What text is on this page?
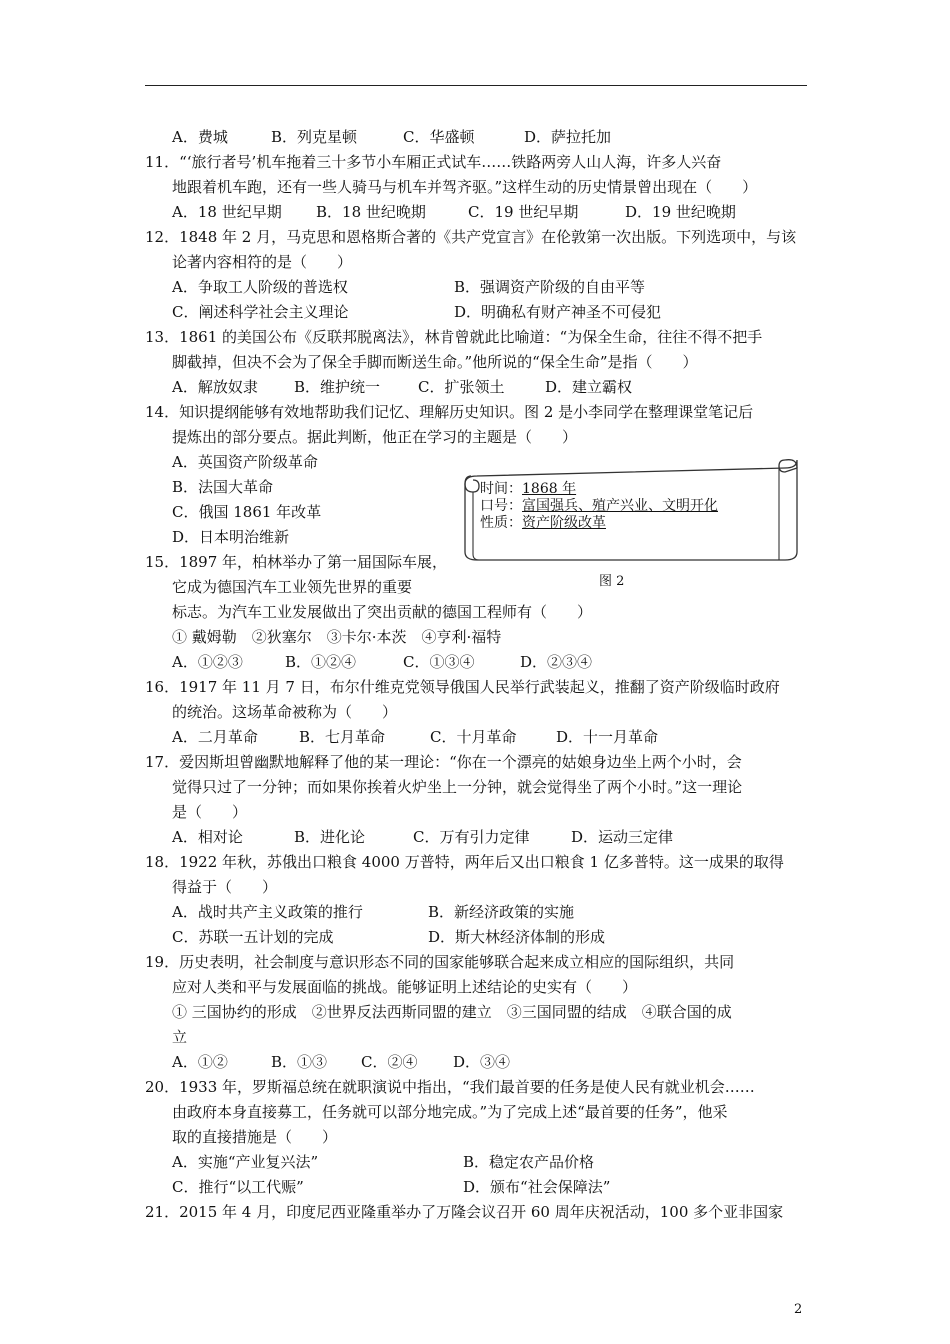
A．费城	B．列克星顿	C．华盛顿	D．萨拉托加
11．“‘旅行者号’机车拖着三十多节小车厢正式试车……铁路两旁人山人海，许多人兴奋
地跟着机车跑，还有一些人骑马与机车并驾齐驱。”这样生动的历史情景曾出现在（　　）
A．18 世纪早期 B．18 世纪晚期	C．19 世纪早期	D．19 世纪晚期
12．1848 年 2 月，马克思和恩格斯合著的《共产党宣言》在伦敦第一次出版。下列选项中，与该
论著内容相符的是（　　）
A．争取工人阶级的普选权	B．强调资产阶级的自由平等
C．阐述科学社会主义理论	D．明确私有财产神圣不可侵犯
13．1861 的美国公布《反联邦脱离法》，林肯曾就此比喻道：“为保全生命，往往不得不把手
脚截掉，但决不会为了保全手脚而断送生命。”他所说的“保全生命”是指（　　）
A．解放奴隶 B．维护统一	C．扩张领土	D．建立霸权
14．知识提纲能够有效地帮助我们记忆、理解历史知识。图 2 是小李同学在整理课堂笔记后
提炼出的部分要点。据此判断，他正在学习的主题是（　　）
A．英国资产阶级革命
B．法国大革命
C．俄国 1861 年改革
D．日本明治维新
时间：1868 年
口号：富国强兵、殖产兴业、文明开化
性质：资产阶级改革
图 2
15．1897 年，柏林举办了第一届国际车展，
它成为德国汽车工业领先世界的重要
标志。为汽车工业发展做出了突出贡献的德国工程师有（　　）
① 戴姆勒　②狄塞尔　③卡尔·本茨　④亨利·福特
A．①②③	B．①②④	C．①③④	D．②③④
16．1917 年 11 月 7 日，布尔什维克党领导俄国人民举行武装起义，推翻了资产阶级临时政府
的统治。这场革命被称为（　　）
A．二月革命	B．七月革命	C．十月革命	D．十一月革命
17．爱因斯坦曾幽默地解释了他的某一理论：“你在一个漂亮的姑娘身边坐上两个小时，会
觉得只过了一分钟；而如果你挨着火炉坐上一分钟，就会觉得坐了两个小时。”这一理论
是（　　）
A．相对论	B．进化论	C．万有引力定律	D．运动三定律
18．1922 年秋，苏俄出口粮食 4000 万普特，两年后又出口粮食 1 亿多普特。这一成果的取得
得益于（　　）
A．战时共产主义政策的推行	B．新经济政策的实施
C．苏联一五计划的完成	D．斯大林经济体制的形成
19．历史表明，社会制度与意识形态不同的国家能够联合起来成立相应的国际组织，共同
应对人类和平与发展面临的挑战。能够证明上述结论的史实有（　　）
① 三国协约的形成　②世界反法西斯同盟的建立　③三国同盟的结成　④联合国的成
立
A．①②	B．①③ C．②④ D．③④
20．1933 年，罗斯福总统在就职演说中指出，“我们最首要的任务是使人民有就业机会……
由政府本身直接募工，任务就可以部分地完成。”为了完成上述“最首要的任务”，他采
取的直接措施是（　　）
A．实施“产业复兴法”	B．稳定农产品价格
C．推行“以工代赈”	D．颁布“社会保障法”
21．2015 年 4 月，印度尼西亚隆重举办了万隆会议召开 60 周年庆祝活动，100 多个亚非国家
2
